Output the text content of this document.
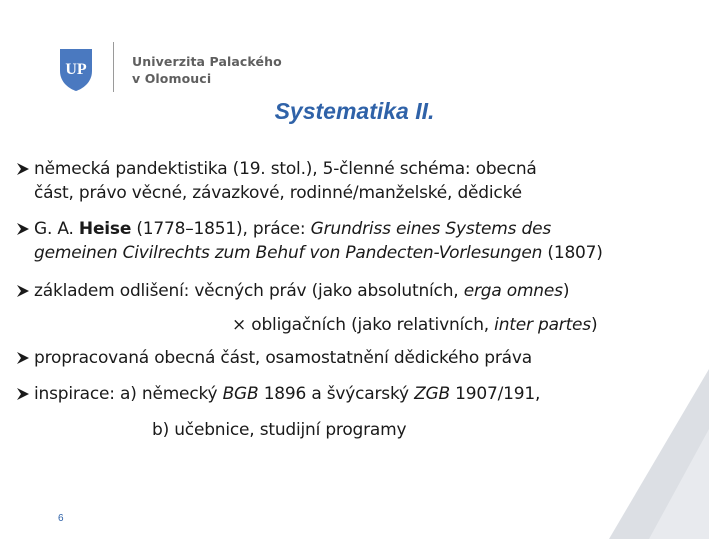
UP	Univerzita Palackého
v Olomouci
Systematika II.
německá pandektistika (19. stol.), 5-členné schéma: obecná
část, právo věcné, závazkové, rodinné/manželské, dědické
G. A. Heise (1778–1851), práce: Grundriss eines Systems des
gemeinen Civilrechts zum Behuf von Pandecten-Vorlesungen (1807)
základem odlišení: věcných práv (jako absolutních, erga omnes)
× obligačních (jako relativních, inter partes)
propracovaná obecná část, osamostatnění dědického práva
inspirace: a) německý BGB 1896 a švýcarský ZGB 1907/191,
b) učebnice, studijní programy
6
